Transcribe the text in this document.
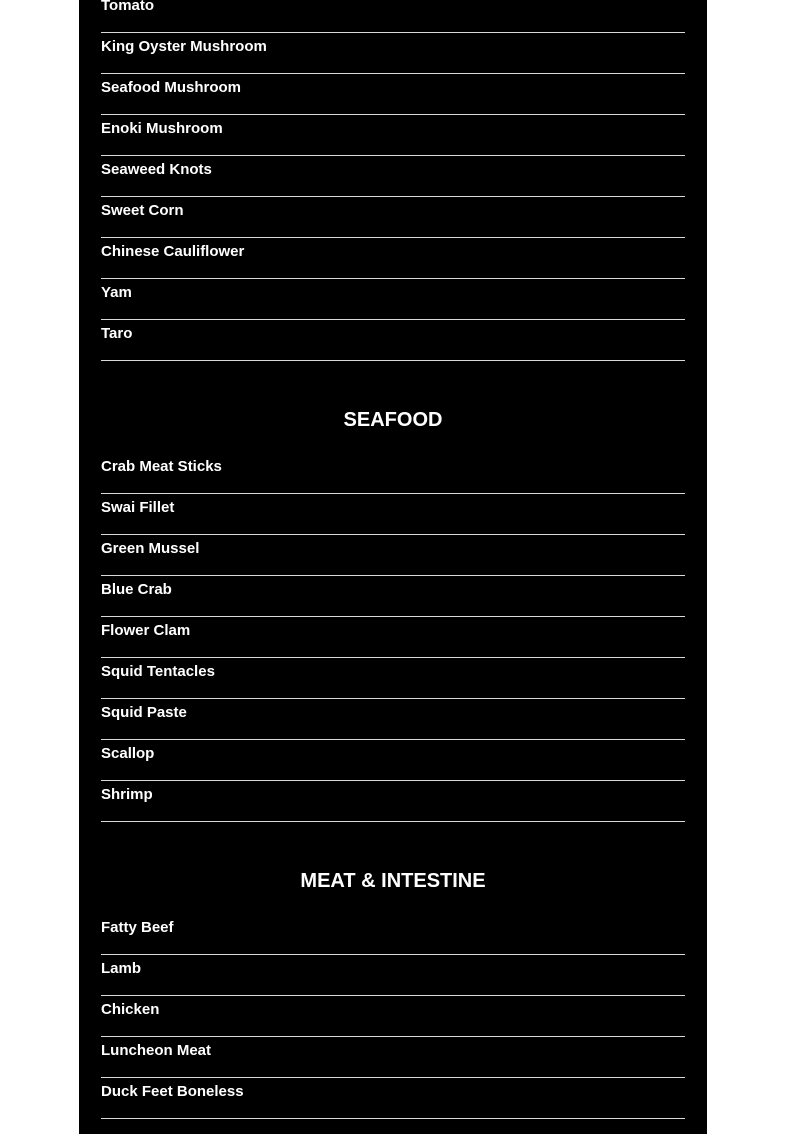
Tomato
King Oyster Mushroom
Seafood Mushroom
Enoki Mushroom
Seaweed Knots
Sweet Corn
Chinese Cauliflower
Yam
Taro
SEAFOOD
Crab Meat Sticks
Swai Fillet
Green Mussel
Blue Crab
Flower Clam
Squid Tentacles
Squid Paste
Scallop
Shrimp
MEAT & INTESTINE
Fatty Beef
Lamb
Chicken
Luncheon Meat
Duck Feet Boneless
